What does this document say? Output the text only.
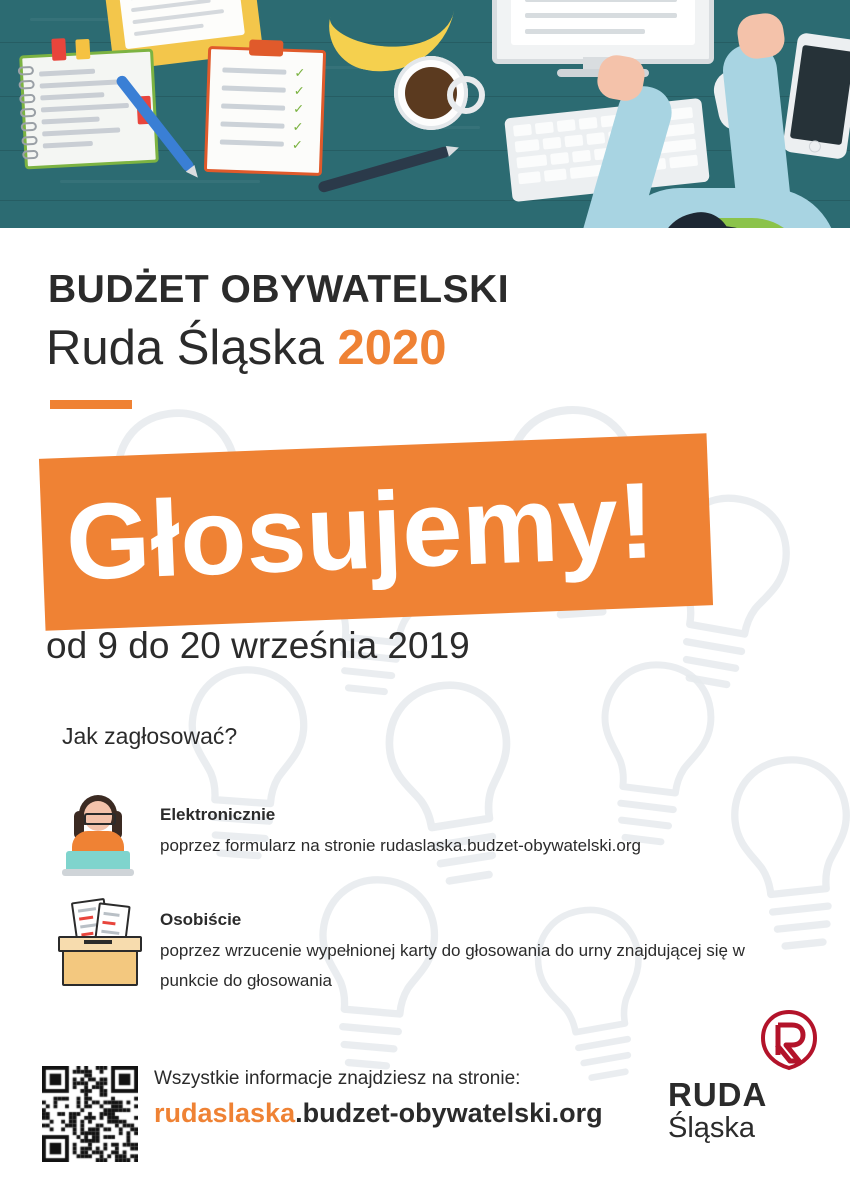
✓
✓
✓
✓
✓
BUDŻET OBYWATELSKI
Ruda Śląska 2020
Głosujemy!
od 9 do 20 września 2019
Jak zagłosować?
Elektronicznie
poprzez formularz na stronie rudaslaska.budzet-obywatelski.org
Osobiście
poprzez wrzucenie wypełnionej karty do głosowania do urny znajdującej się w punkcie do głosowania
Wszystkie informacje znajdziesz na stronie:
rudaslaska.budzet-obywatelski.org RUDA
Śląska
